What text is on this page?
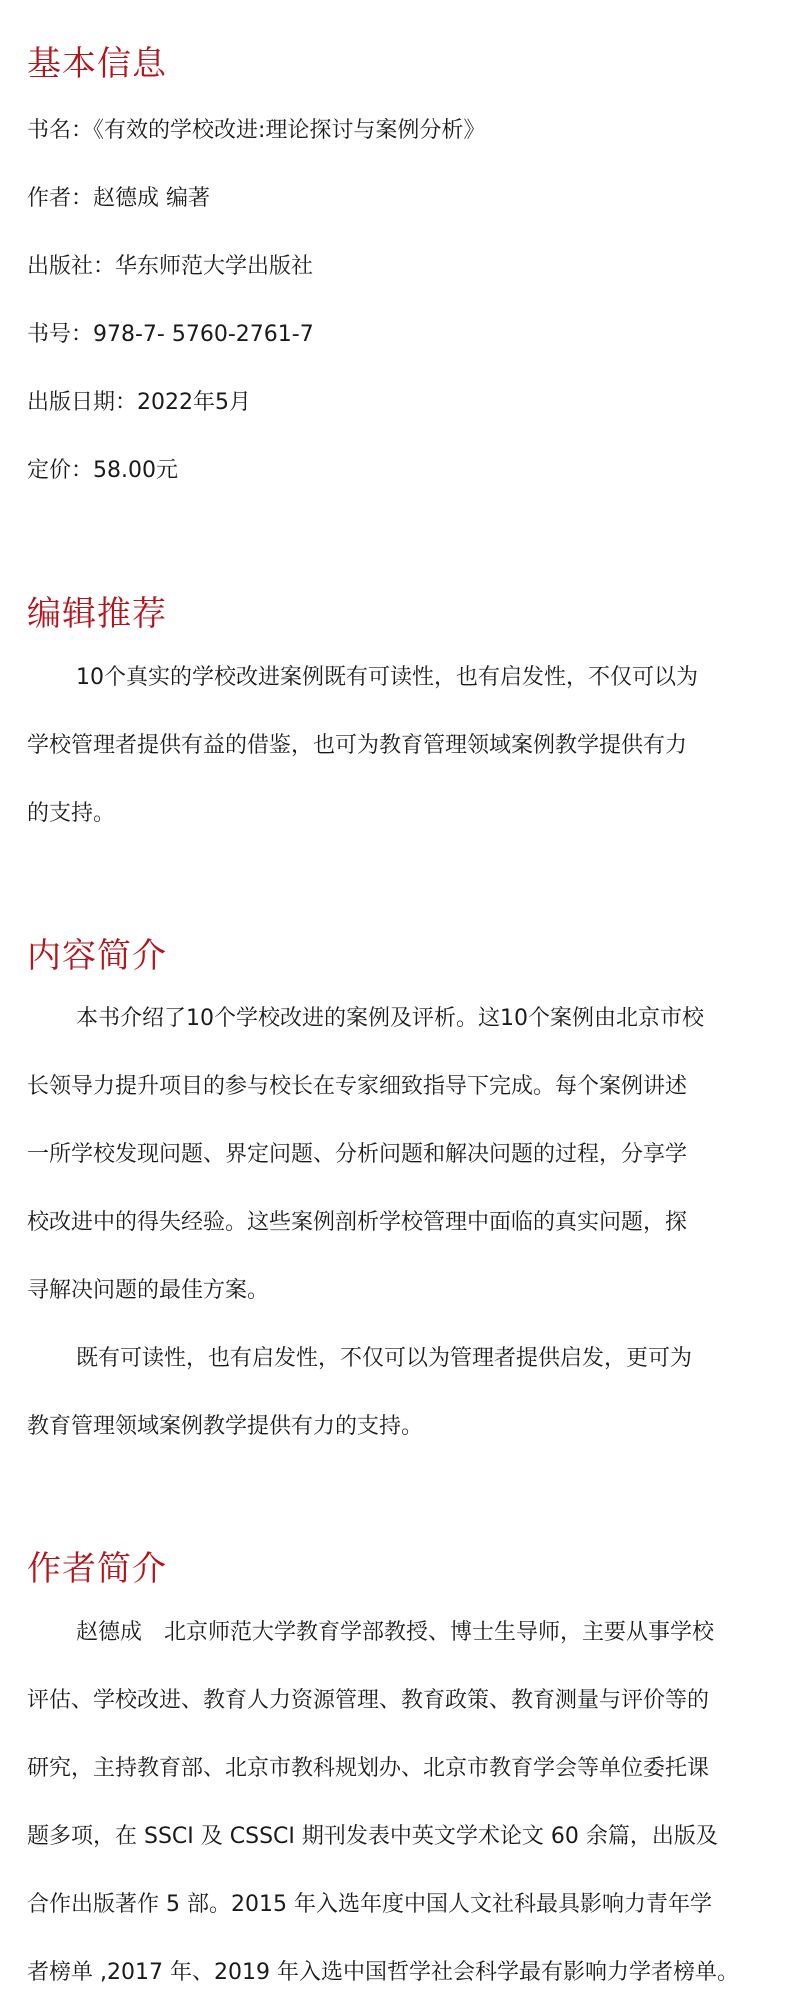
基本信息

书名：《有效的学校改进:理论探讨与案例分析》

作者：赵德成 编著

出版社：华东师范大学出版社

书号：978-7- 5760-2761-7

出版日期：2022年5月

定价：58.00元

编辑推荐

10个真实的学校改进案例既有可读性，也有启发性，不仅可以为

学校管理者提供有益的借鉴，也可为教育管理领域案例教学提供有力

的支持。

内容简介

本书介绍了10个学校改进的案例及评析。这10个案例由北京市校

长领导力提升项目的参与校长在专家细致指导下完成。每个案例讲述

一所学校发现问题、界定问题、分析问题和解决问题的过程，分享学

校改进中的得失经验。这些案例剖析学校管理中面临的真实问题，探

寻解决问题的最佳方案。

既有可读性，也有启发性，不仅可以为管理者提供启发，更可为

教育管理领域案例教学提供有力的支持。

作者简介

赵德成　北京师范大学教育学部教授、博士生导师，主要从事学校

评估、学校改进、教育人力资源管理、教育政策、教育测量与评价等的

研究，主持教育部、北京市教科规划办、北京市教育学会等单位委托课

题多项，在 SSCI 及 CSSCI 期刊发表中英文学术论文 60 余篇，出版及

合作出版著作 5 部。2015 年入选年度中国人文社科最具影响力青年学

者榜单 ,2017 年、2019 年入选中国哲学社会科学最有影响力学者榜单。
